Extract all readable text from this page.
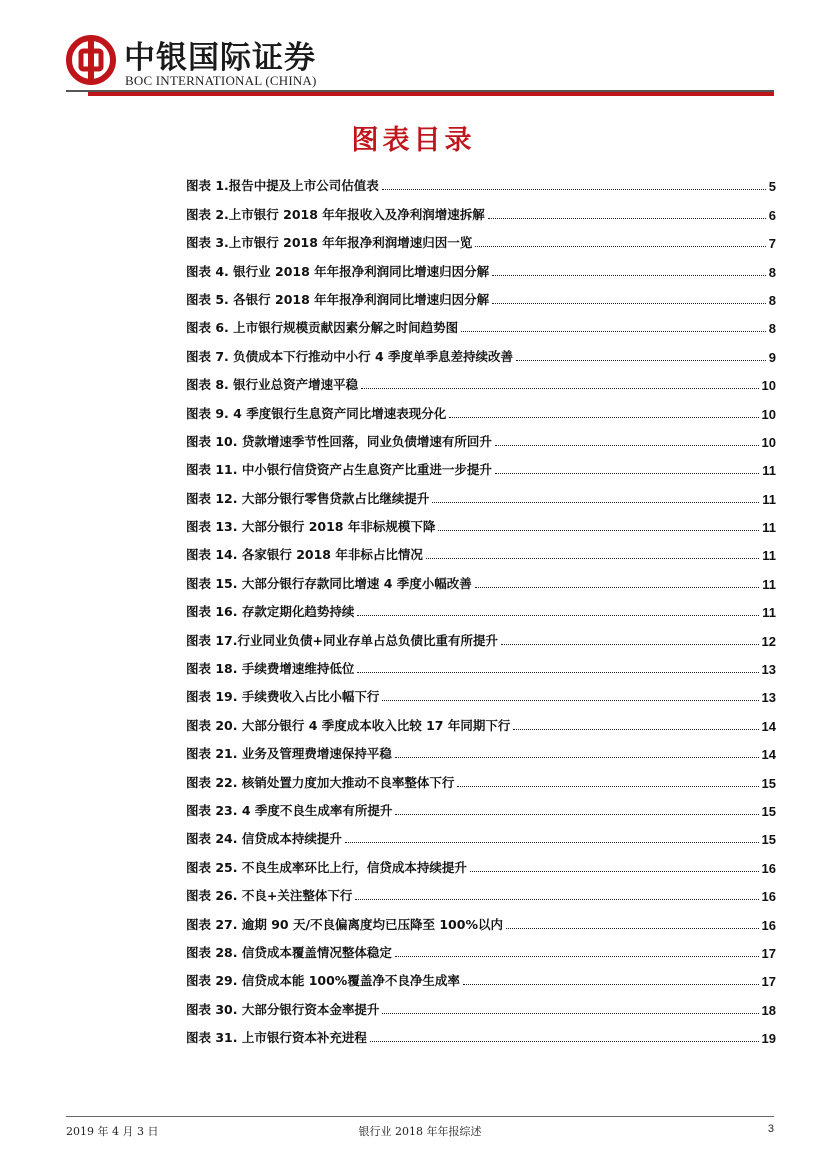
中银国际证券
BOC INTERNATIONAL (CHINA)
图表目录
图表 1.报告中提及上市公司估值表	5
图表 2.上市银行 2018 年年报收入及净利润增速拆解	6
图表 3.上市银行 2018 年年报净利润增速归因一览	7
图表 4. 银行业 2018 年年报净利润同比增速归因分解	8
图表 5. 各银行 2018 年年报净利润同比增速归因分解	8
图表 6. 上市银行规模贡献因素分解之时间趋势图	8
图表 7. 负债成本下行推动中小行 4 季度单季息差持续改善	9
图表 8. 银行业总资产增速平稳	10
图表 9. 4 季度银行生息资产同比增速表现分化	10
图表 10. 贷款增速季节性回落，同业负债增速有所回升	10
图表 11. 中小银行信贷资产占生息资产比重进一步提升	11
图表 12. 大部分银行零售贷款占比继续提升	11
图表 13. 大部分银行 2018 年非标规模下降	11
图表 14. 各家银行 2018 年非标占比情况	11
图表 15. 大部分银行存款同比增速 4 季度小幅改善	11
图表 16. 存款定期化趋势持续	11
图表 17.行业同业负债+同业存单占总负债比重有所提升	12
图表 18. 手续费增速维持低位	13
图表 19. 手续费收入占比小幅下行	13
图表 20. 大部分银行 4 季度成本收入比较 17 年同期下行	14
图表 21. 业务及管理费增速保持平稳	14
图表 22. 核销处置力度加大推动不良率整体下行	15
图表 23. 4 季度不良生成率有所提升	15
图表 24. 信贷成本持续提升	15
图表 25. 不良生成率环比上行，信贷成本持续提升	16
图表 26. 不良+关注整体下行	16
图表 27. 逾期 90 天/不良偏离度均已压降至 100%以内	16
图表 28. 信贷成本覆盖情况整体稳定	17
图表 29. 信贷成本能 100%覆盖净不良净生成率	17
图表 30. 大部分银行资本金率提升	18
图表 31. 上市银行资本补充进程	19
2019 年 4 月 3 日	银行业 2018 年年报综述	3
